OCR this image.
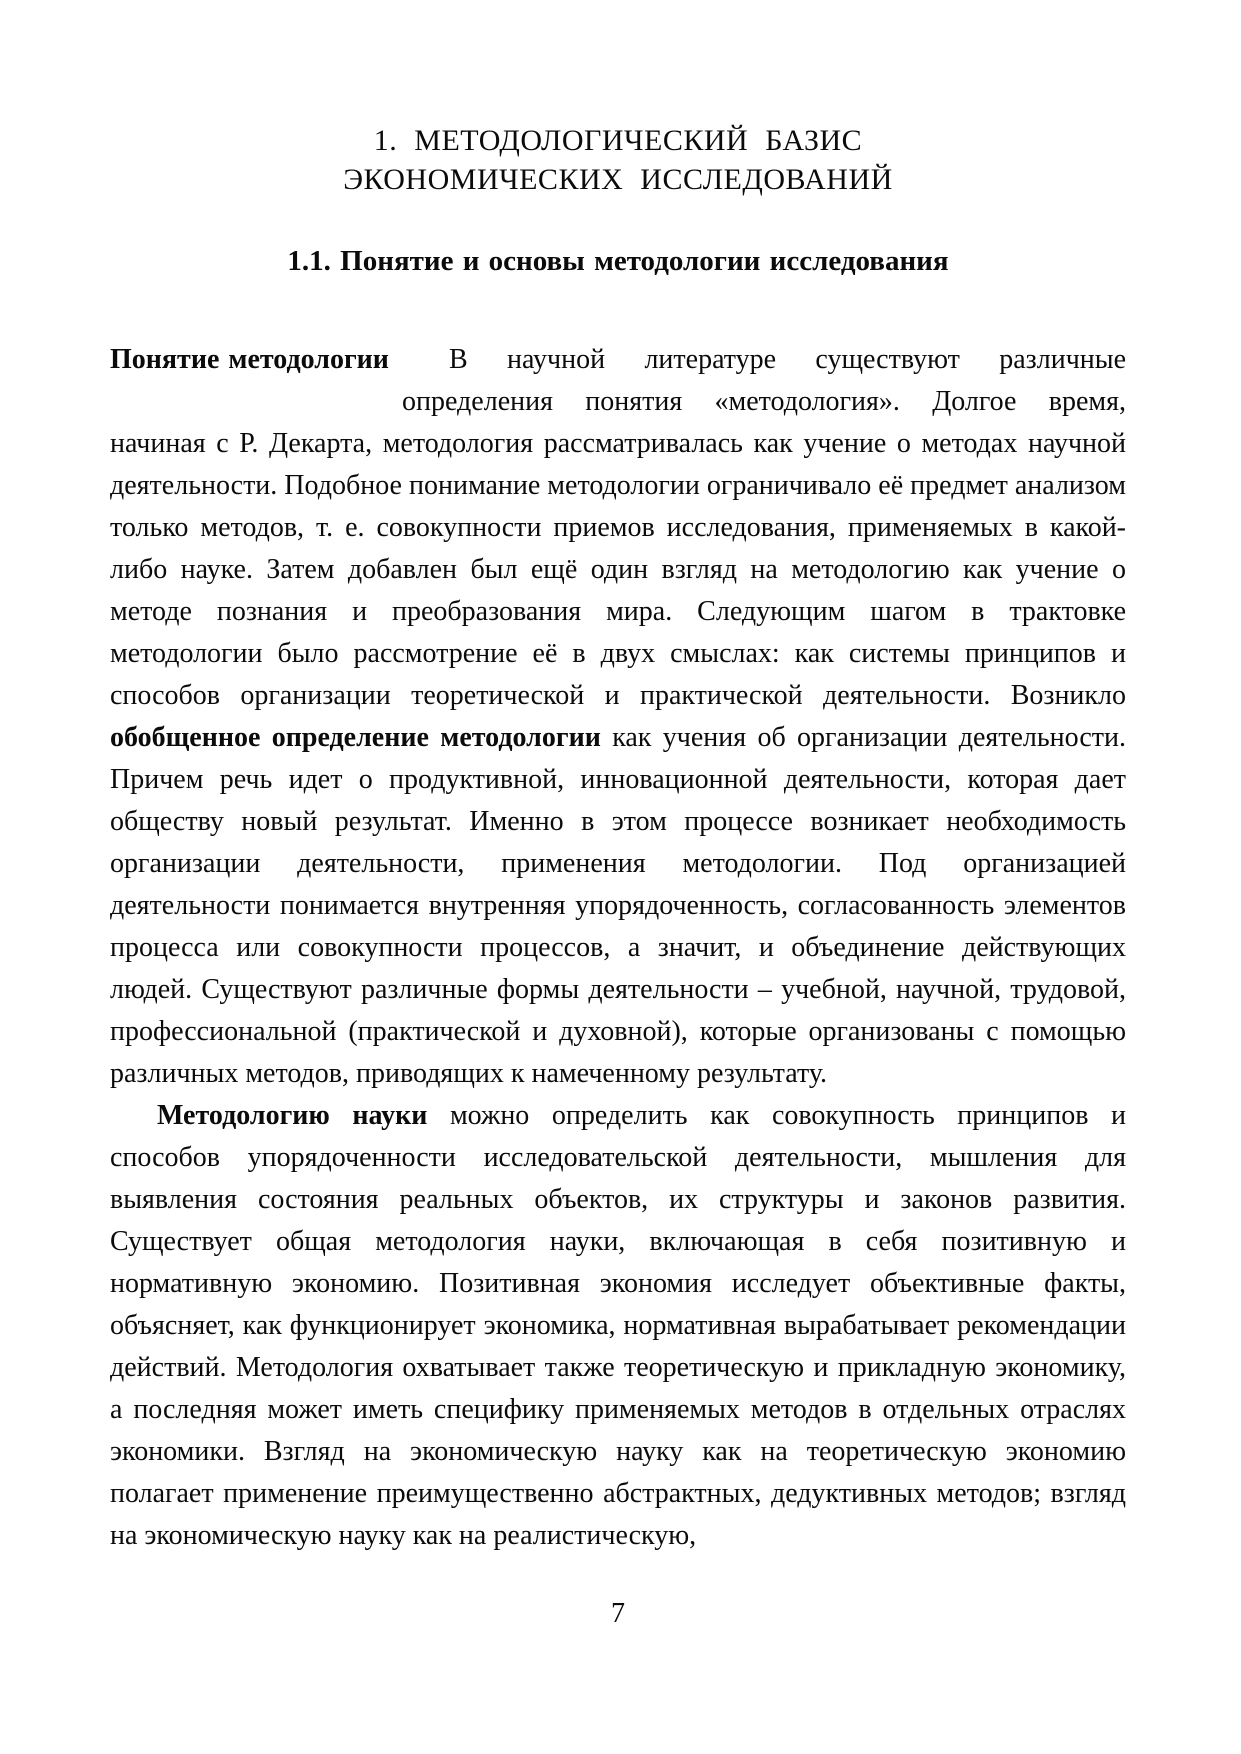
1. МЕТОДОЛОГИЧЕСКИЙ БАЗИС
ЭКОНОМИЧЕСКИХ ИССЛЕДОВАНИЙ
1.1. Понятие и основы методологии исследования

Понятие методологии	В научной литературе существуют различные определения понятия «методология». Долгое время, начиная с Р. Декарта, методология рассматривалась как учение о методах научной деятельности. Подобное понимание методологии ограничивало её предмет анализом только методов, т. е. совокупности приемов исследования, применяемых в какой-либо науке. Затем добавлен был ещё один взгляд на методологию как учение о методе познания и преобразования мира. Следующим шагом в трактовке методологии было рассмотрение её в двух смыслах: как системы принципов и способов организации теоретической и практической деятельности. Возникло обобщенное определение методологии как учения об организации деятельности. Причем речь идет о продуктивной, инновационной деятельности, которая дает обществу новый результат. Именно в этом процессе возникает необходимость организации деятельности, применения методологии. Под организацией деятельности понимается внутренняя упорядоченность, согласованность элементов процесса или совокупности процессов, а значит, и объединение действующих людей. Существуют различные формы деятельности – учебной, научной, трудовой, профессиональной (практической и духовной), которые организованы с помощью различных методов, приводящих к намеченному результату.

Методологию науки можно определить как совокупность принципов и способов упорядоченности исследовательской деятельности, мышления для выявления состояния реальных объектов, их структуры и законов развития. Существует общая методология науки, включающая в себя позитивную и нормативную экономию. Позитивная экономия исследует объективные факты, объясняет, как функционирует экономика, нормативная вырабатывает рекомендации действий. Методология охватывает также теоретическую и прикладную экономику, а последняя может иметь специфику применяемых методов в отдельных отраслях экономики. Взгляд на экономическую науку как на теоретическую экономию полагает применение преимущественно абстрактных, дедуктивных методов; взгляд на экономическую науку как на реалистическую,

7
